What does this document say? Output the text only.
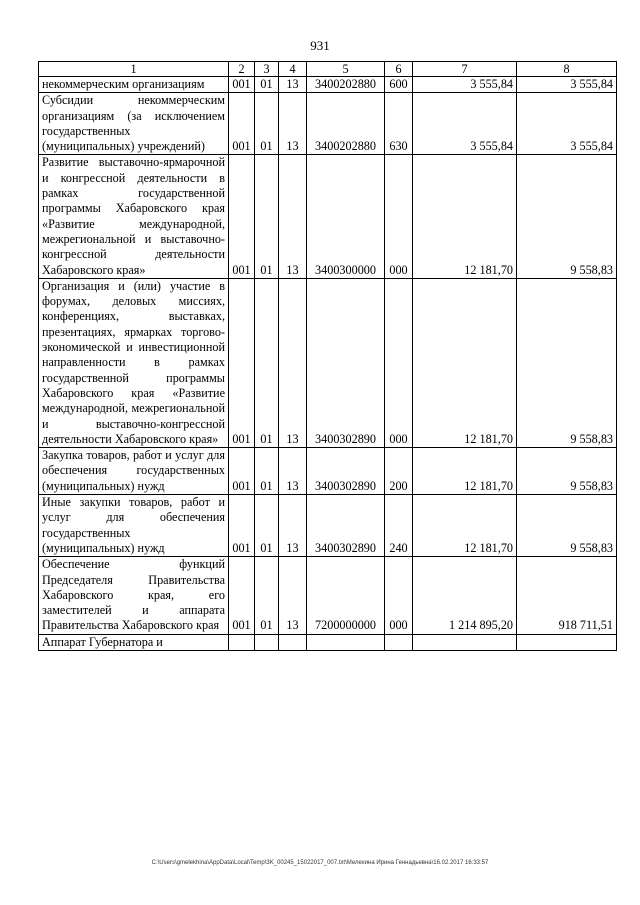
931
1	2	3	4	5	6	7	8
некоммерческим организациям	001	01	13	3400202880	600	3 555,84	3 555,84
Субсидии некоммерческим организациям (за исключением государственных (муниципальных) учреждений)	001	01	13	3400202880	630	3 555,84	3 555,84
Развитие выставочно-ярмарочной и конгрессной деятельности в рамках государственной программы Хабаровского края «Развитие международной, межрегиональной и выставочно-конгрессной деятельности Хабаровского края»	001	01	13	3400300000	000	12 181,70	9 558,83
Организация и (или) участие в форумах, деловых миссиях, конференциях, выставках, презентациях, ярмарках торгово-экономической и инвестиционной направленности в рамках государственной программы Хабаровского края «Развитие международной, межрегиональной и выставочно-конгрессной деятельности Хабаровского края»	001	01	13	3400302890	000	12 181,70	9 558,83
Закупка товаров, работ и услуг для обеспечения государственных (муниципальных) нужд	001	01	13	3400302890	200	12 181,70	9 558,83
Иные закупки товаров, работ и услуг для обеспечения государственных (муниципальных) нужд	001	01	13	3400302890	240	12 181,70	9 558,83
Обеспечение функций Председателя Правительства Хабаровского края, его заместителей и аппарата Правительства Хабаровского края	001	01	13	7200000000	000	1 214 895,20	918 711,51
Аппарат Губернатора и							
C:\Users\gmelekhina\AppData\Local\Temp\3K_00245_15022017_007.txt\Мелехина Ирина Геннадьевна\16.02.2017 16:33:57
